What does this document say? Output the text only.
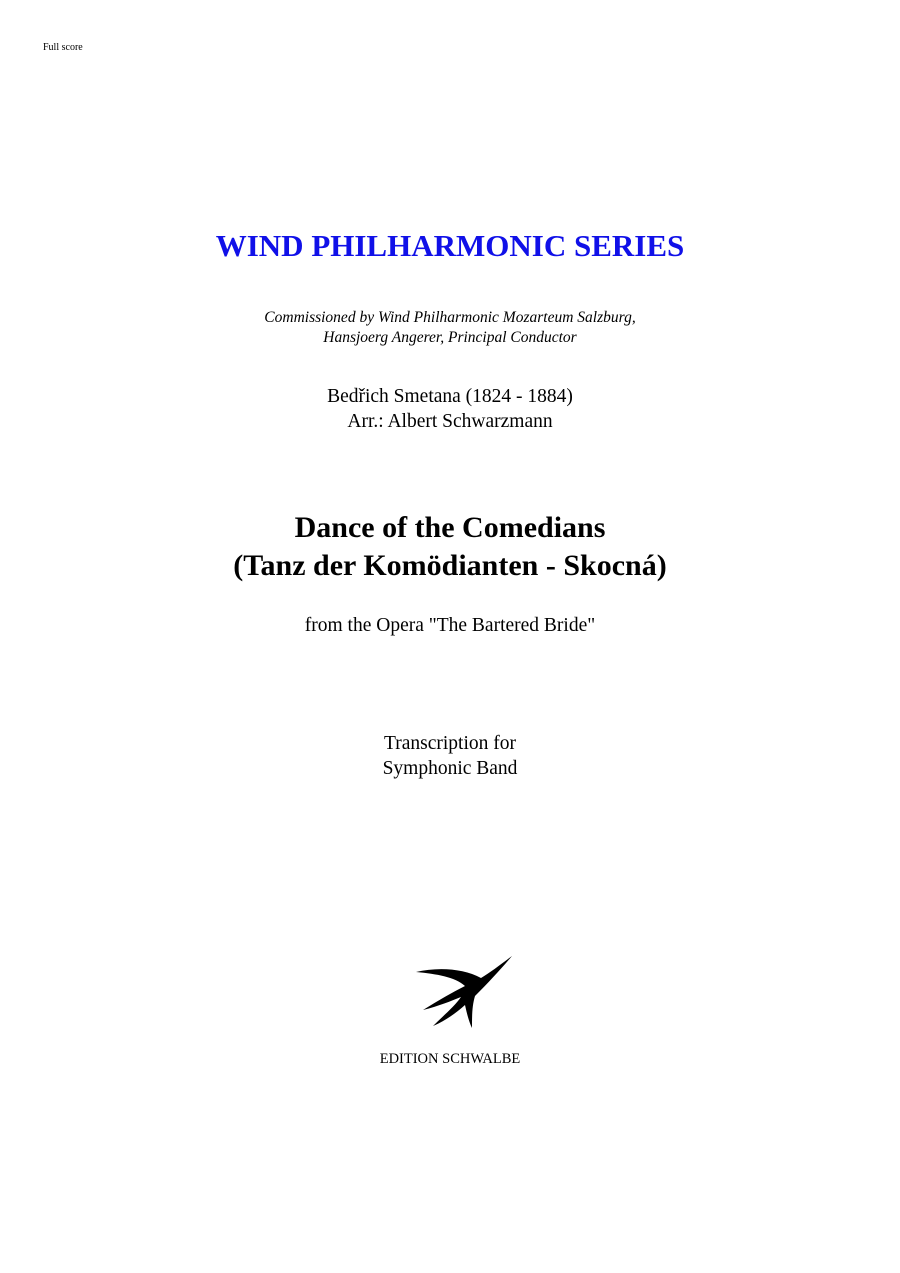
Full score
WIND PHILHARMONIC SERIES
Commissioned by Wind Philharmonic Mozarteum Salzburg,
Hansjoerg Angerer, Principal Conductor
Bedřich Smetana (1824 - 1884)
Arr.: Albert Schwarzmann
Dance of the Comedians
(Tanz der Komödianten - Skocná)
from the Opera "The Bartered Bride"
Transcription for
Symphonic Band
EDITION SCHWALBE
